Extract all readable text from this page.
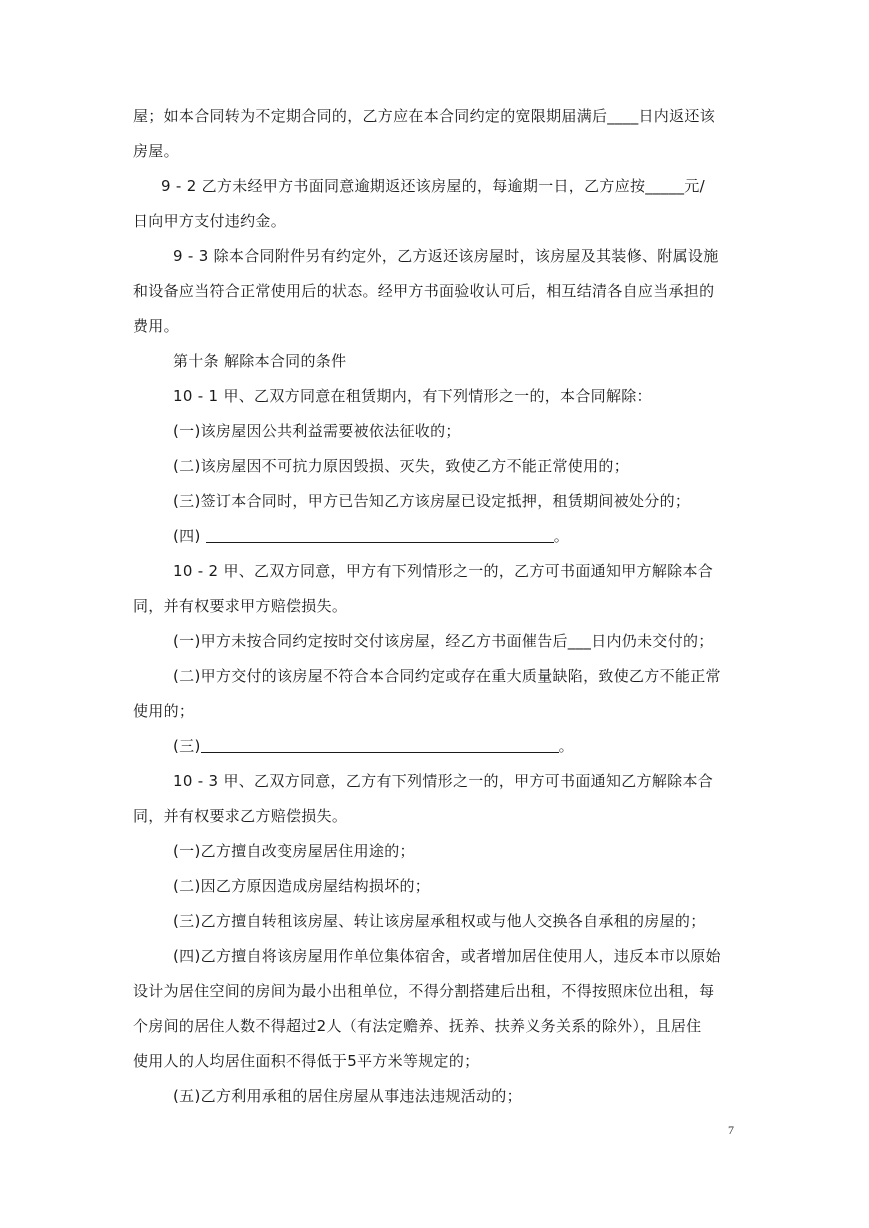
屋；如本合同转为不定期合同的，乙方应在本合同约定的宽限期届满后____日内返还该
房屋。
9 - 2 乙方未经甲方书面同意逾期返还该房屋的，每逾期一日，乙方应按_____元/
日向甲方支付违约金。
9 - 3 除本合同附件另有约定外，乙方返还该房屋时，该房屋及其装修、附属设施
和设备应当符合正常使用后的状态。经甲方书面验收认可后，相互结清各自应当承担的
费用。
第十条 解除本合同的条件
10 - 1 甲、乙双方同意在租赁期内，有下列情形之一的，本合同解除：
(一)该房屋因公共利益需要被依法征收的；
(二)该房屋因不可抗力原因毁损、灭失，致使乙方不能正常使用的；
(三)签订本合同时，甲方已告知乙方该房屋已设定抵押，租赁期间被处分的；
(四)	。
10 - 2 甲、乙双方同意，甲方有下列情形之一的，乙方可书面通知甲方解除本合
同，并有权要求甲方赔偿损失。
(一)甲方未按合同约定按时交付该房屋，经乙方书面催告后___日内仍未交付的；
(二)甲方交付的该房屋不符合本合同约定或存在重大质量缺陷，致使乙方不能正常
使用的；
(三)	。
10 - 3 甲、乙双方同意，乙方有下列情形之一的，甲方可书面通知乙方解除本合
同，并有权要求乙方赔偿损失。
(一)乙方擅自改变房屋居住用途的；
(二)因乙方原因造成房屋结构损坏的；
(三)乙方擅自转租该房屋、转让该房屋承租权或与他人交换各自承租的房屋的；
(四)乙方擅自将该房屋用作单位集体宿舍，或者增加居住使用人，违反本市以原始
设计为居住空间的房间为最小出租单位，不得分割搭建后出租，不得按照床位出租，每
个房间的居住人数不得超过2人（有法定赡养、抚养、扶养义务关系的除外），且居住
使用人的人均居住面积不得低于5平方米等规定的；
(五)乙方利用承租的居住房屋从事违法违规活动的；
7
